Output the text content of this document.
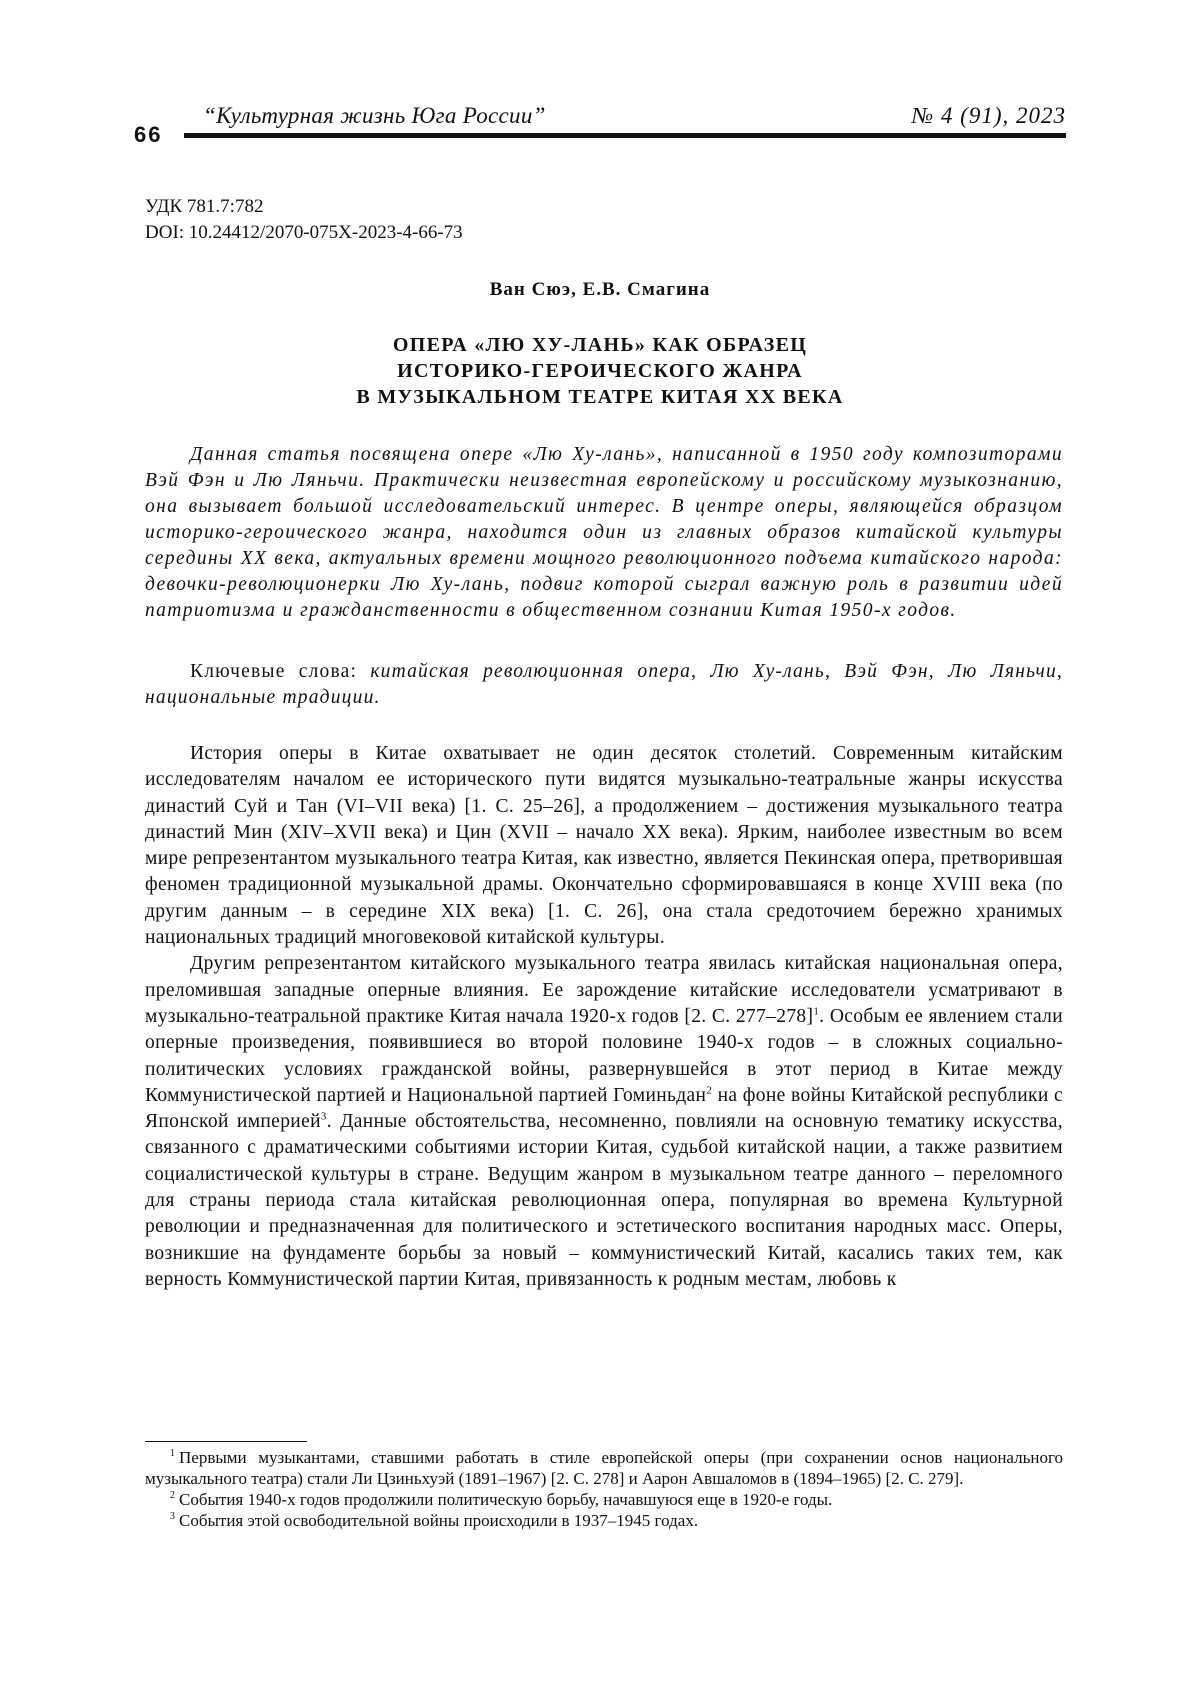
“Культурная жизнь Юга России”	№ 4 (91), 2023
66
УДК 781.7:782
DOI: 10.24412/2070-075X-2023-4-66-73
Ван Сюэ, Е.В. Смагина
ОПЕРА «ЛЮ ХУ-ЛАНЬ» КАК ОБРАЗЕЦ
ИСТОРИКО-ГЕРОИЧЕСКОГО ЖАНРА
В МУЗЫКАЛЬНОМ ТЕАТРЕ КИТАЯ XX ВЕКА

Данная статья посвящена опере «Лю Ху-лань», написанной в 1950 году композиторами Вэй Фэн и Лю Ляньчи. Практически неизвестная европейскому и российскому музыкознанию, она вызывает большой исследовательский интерес. В центре оперы, являющейся образцом историко-героического жанра, находится один из главных образов китайской культуры середины XX века, актуальных времени мощного революционного подъема китайского народа: девочки-революционерки Лю Ху-лань, подвиг которой сыграл важную роль в развитии идей патриотизма и гражданственности в общественном сознании Китая 1950-х годов.

Ключевые слова: китайская революционная опера, Лю Ху-лань, Вэй Фэн, Лю Ляньчи, национальные традиции.

История оперы в Китае охватывает не один десяток столетий. Современным китайским исследователям началом ее исторического пути видятся музыкально-театральные жанры искусства династий Суй и Тан (VI–VII века) [1. С. 25–26], а продолжением – достижения музыкального театра династий Мин (XIV–XVII века) и Цин (XVII – начало XX века). Ярким, наиболее известным во всем мире репрезентантом музыкального театра Китая, как известно, является Пекинская опера, претворившая феномен традиционной музыкальной драмы. Окончательно сформировавшаяся в конце XVIII века (по другим данным – в середине XIX века) [1. С. 26], она стала средоточием бережно хранимых национальных традиций многовековой китайской культуры.

Другим репрезентантом китайского музыкального театра явилась китайская национальная опера, преломившая западные оперные влияния. Ее зарождение китайские исследователи усматривают в музыкально-театральной практике Китая начала 1920-х годов [2. С. 277–278]$^1$. Особым ее явлением стали оперные произведения, появившиеся во второй половине 1940-х годов – в сложных социально-политических условиях гражданской войны, развернувшейся в этот период в Китае между Коммунистической партией и Национальной партией Гоминьдан$^2$ на фоне войны Китайской республики с Японской империей$^3$. Данные обстоятельства, несомненно, повлияли на основную тематику искусства, связанного с драматическими событиями истории Китая, судьбой китайской нации, а также развитием социалистической культуры в стране. Ведущим жанром в музыкальном театре данного – переломного для страны периода стала китайская революционная опера, популярная во времена Культурной революции и предназначенная для политического и эстетического воспитания народных масс. Оперы, возникшие на фундаменте борьбы за новый – коммунистический Китай, касались таких тем, как верность Коммунистической партии Китая, привязанность к родным местам, любовь к

$^1$ Первыми музыкантами, ставшими работать в стиле европейской оперы (при сохранении основ национального музыкального театра) стали Ли Цзиньхуэй (1891–1967) [2. С. 278] и Аарон Авшаломов в (1894–1965) [2. С. 279].

$^2$ События 1940-х годов продолжили политическую борьбу, начавшуюся еще в 1920-е годы.

$^3$ События этой освободительной войны происходили в 1937–1945 годах.
